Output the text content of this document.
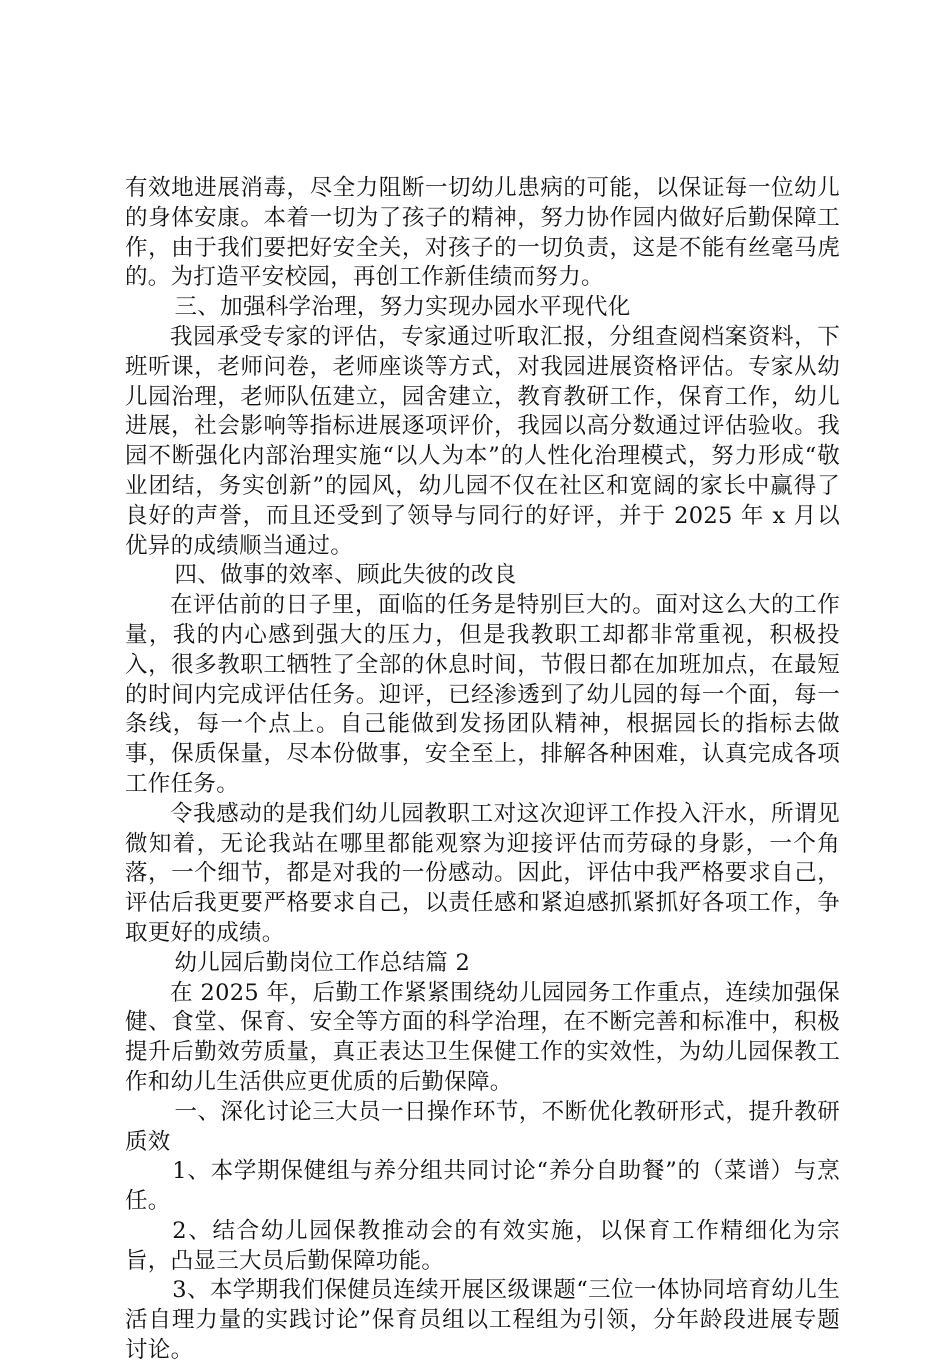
有效地进展消毒，尽全力阻断一切幼儿患病的可能，以保证每一位幼儿的身体安康。本着一切为了孩子的精神，努力协作园内做好后勤保障工作，由于我们要把好安全关，对孩子的一切负责，这是不能有丝毫马虎的。为打造平安校园，再创工作新佳绩而努力。

三、加强科学治理，努力实现办园水平现代化

我园承受专家的评估，专家通过听取汇报，分组查阅档案资料，下班听课，老师问卷，老师座谈等方式，对我园进展资格评估。专家从幼儿园治理，老师队伍建立，园舍建立，教育教研工作，保育工作，幼儿进展，社会影响等指标进展逐项评价，我园以高分数通过评估验收。我园不断强化内部治理实施“以人为本”的人性化治理模式，努力形成“敬业团结，务实创新”的园风，幼儿园不仅在社区和宽阔的家长中赢得了良好的声誉，而且还受到了领导与同行的好评，并于 2025 年 x 月以优异的成绩顺当通过。

四、做事的效率、顾此失彼的改良

在评估前的日子里，面临的任务是特别巨大的。面对这么大的工作量，我的内心感到强大的压力，但是我教职工却都非常重视，积极投入，很多教职工牺牲了全部的休息时间，节假日都在加班加点，在最短的时间内完成评估任务。迎评，已经渗透到了幼儿园的每一个面，每一条线，每一个点上。自己能做到发扬团队精神，根据园长的指标去做事，保质保量，尽本份做事，安全至上，排解各种困难，认真完成各项工作任务。

令我感动的是我们幼儿园教职工对这次迎评工作投入汗水，所谓见微知着，无论我站在哪里都能观察为迎接评估而劳碌的身影，一个角落，一个细节，都是对我的一份感动。因此，评估中我严格要求自己，评估后我更要严格要求自己，以责任感和紧迫感抓紧抓好各项工作，争取更好的成绩。

幼儿园后勤岗位工作总结篇 2

在 2025 年，后勤工作紧紧围绕幼儿园园务工作重点，连续加强保健、食堂、保育、安全等方面的科学治理，在不断完善和标准中，积极提升后勤效劳质量，真正表达卫生保健工作的实效性，为幼儿园保教工作和幼儿生活供应更优质的后勤保障。

一、深化讨论三大员一日操作环节，不断优化教研形式，提升教研质效

1、本学期保健组与养分组共同讨论“养分自助餐”的（菜谱）与烹任。

2、结合幼儿园保教推动会的有效实施，以保育工作精细化为宗旨，凸显三大员后勤保障功能。

3、本学期我们保健员连续开展区级课题“三位一体协同培育幼儿生活自理力量的实践讨论”保育员组以工程组为引领，分年龄段进展专题讨论。
